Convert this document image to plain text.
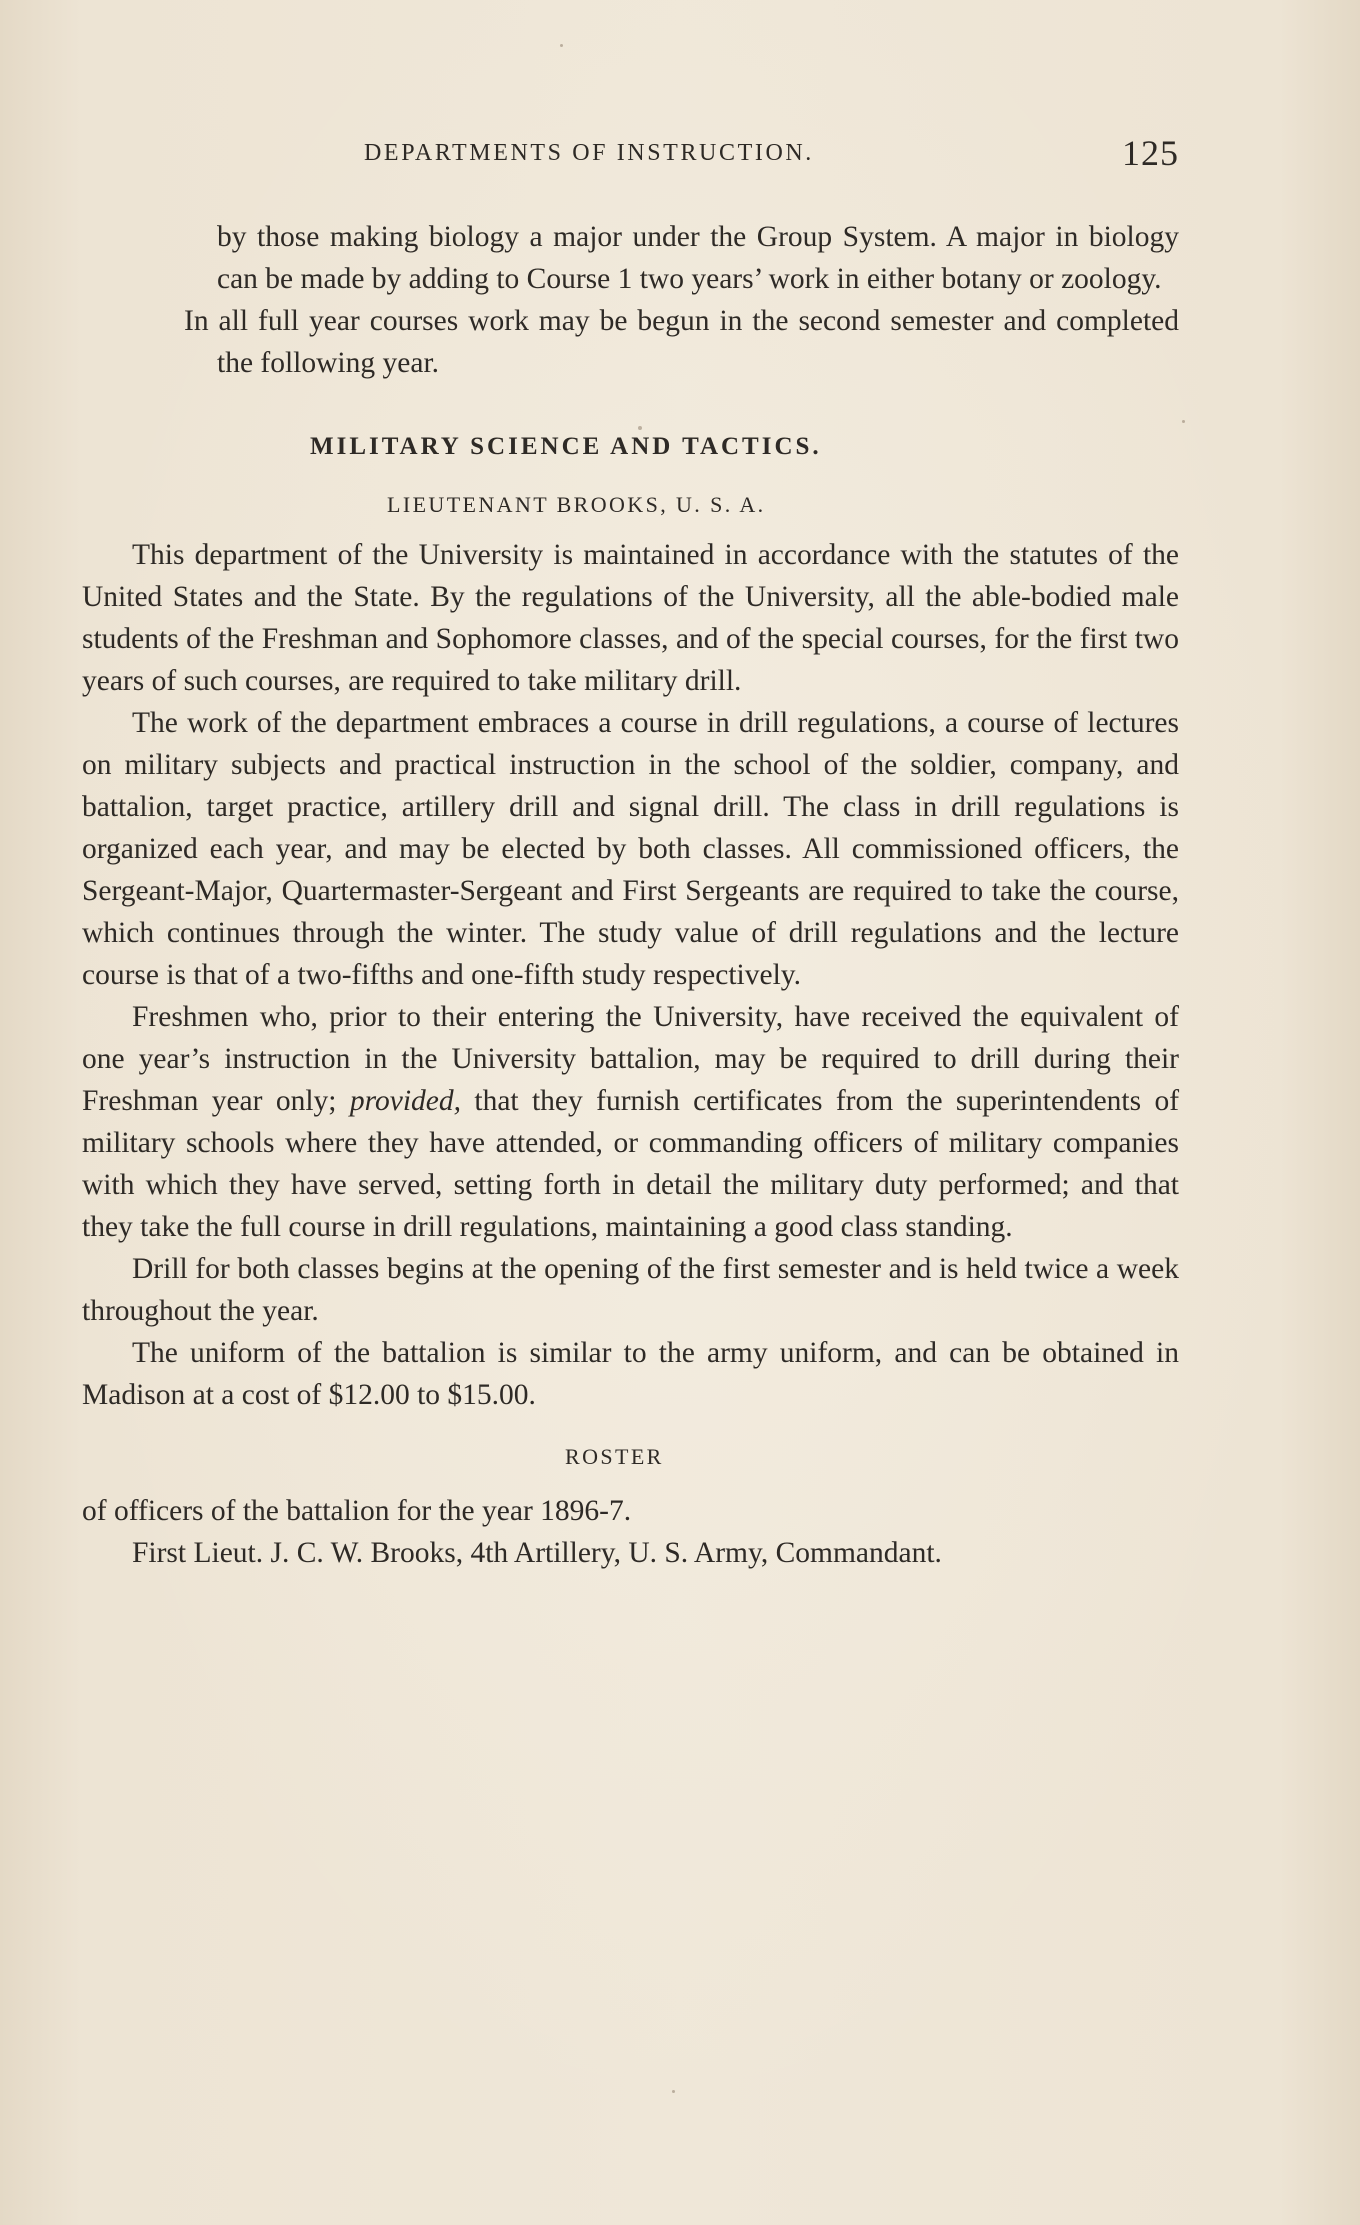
DEPARTMENTS OF INSTRUCTION.	125

by those making biology a major under the Group System. A major in biology can be made by adding to Course 1 two years’ work in either botany or zoology.
In all full year courses work may be begun in the second semester and completed the following year.

MILITARY SCIENCE AND TACTICS.

LIEUTENANT BROOKS, U. S. A.

This department of the University is maintained in accordance with the statutes of the United States and the State. By the regulations of the University, all the able-bodied male students of the Freshman and Sophomore classes, and of the special courses, for the first two years of such courses, are required to take military drill.

The work of the department embraces a course in drill regulations, a course of lectures on military subjects and practical instruction in the school of the soldier, company, and battalion, target practice, artillery drill and signal drill. The class in drill regulations is organized each year, and may be elected by both classes. All commissioned officers, the Sergeant-Major, Quartermaster-Sergeant and First Sergeants are required to take the course, which continues through the winter. The study value of drill regulations and the lecture course is that of a two-fifths and one-fifth study respectively.

Freshmen who, prior to their entering the University, have received the equivalent of one year’s instruction in the University battalion, may be required to drill during their Freshman year only; provided, that they furnish certificates from the superintendents of military schools where they have attended, or commanding officers of military companies with which they have served, setting forth in detail the military duty performed; and that they take the full course in drill regulations, maintaining a good class standing.

Drill for both classes begins at the opening of the first semester and is held twice a week throughout the year.

The uniform of the battalion is similar to the army uniform, and can be obtained in Madison at a cost of $12.00 to $15.00.

ROSTER

of officers of the battalion for the year 1896-7.

First Lieut. J. C. W. Brooks, 4th Artillery, U. S. Army, Commandant.
